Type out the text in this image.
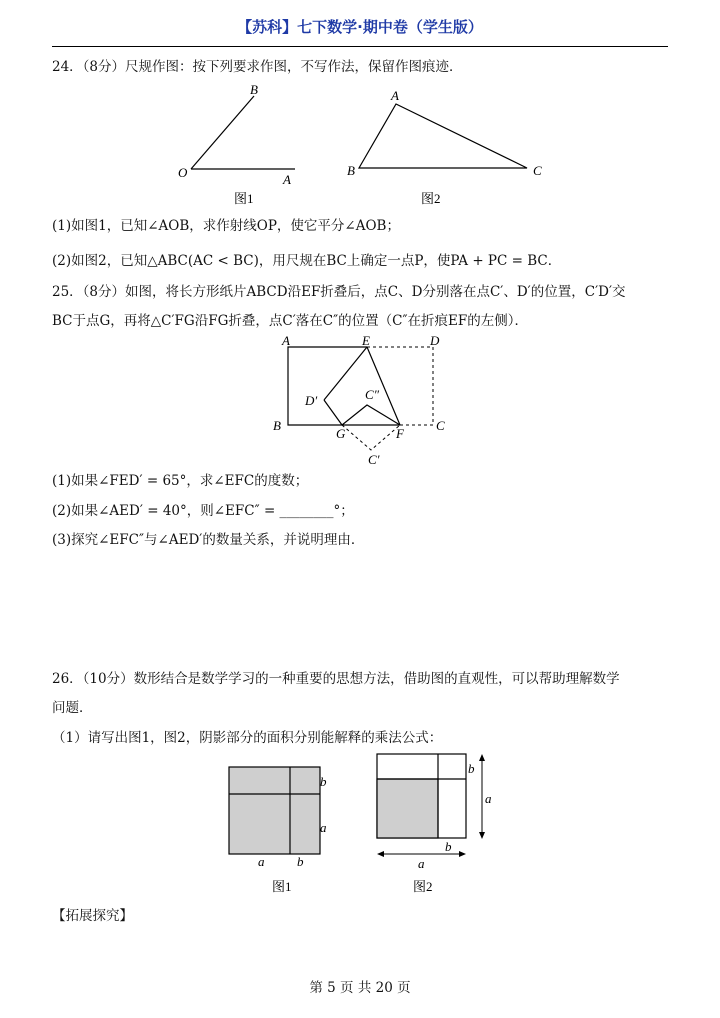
【苏科】七下数学·期中卷（学生版）
24．（8分）尺规作图：按下列要求作图，不写作法，保留作图痕迹．
O	A
B
图1
A
B	C
图2
(1)如图1，已知∠AOB，求作射线OP，使它平分∠AOB；
(2)如图2，已知△ABC(AC < BC)，用尺规在BC上确定一点P，使PA + PC = BC．
25．（8分）如图，将长方形纸片ABCD沿EF折叠后，点C、D分别落在点C′、D′的位置，C′D′交
BC于点G，再将△C′FG沿FG折叠，点C′落在C″的位置（C″在折痕EF的左侧）．
A	E	D
D′	C″
B
G	F
C
C′
(1)如果∠FED′ = 65°，求∠EFC的度数；
(2)如果∠AED′ = 40°，则∠EFC″ = ________°；
(3)探究∠EFC″与∠AED′的数量关系，并说明理由．
26．（10分）数形结合是数学学习的一种重要的思想方法，借助图的直观性，可以帮助理解数学
问题．
（1）请写出图1，图2，阴影部分的面积分别能解释的乘法公式：
b
a
a	b
图1
b
a
b
a
图2
【拓展探究】
第 5 页 共 20 页
